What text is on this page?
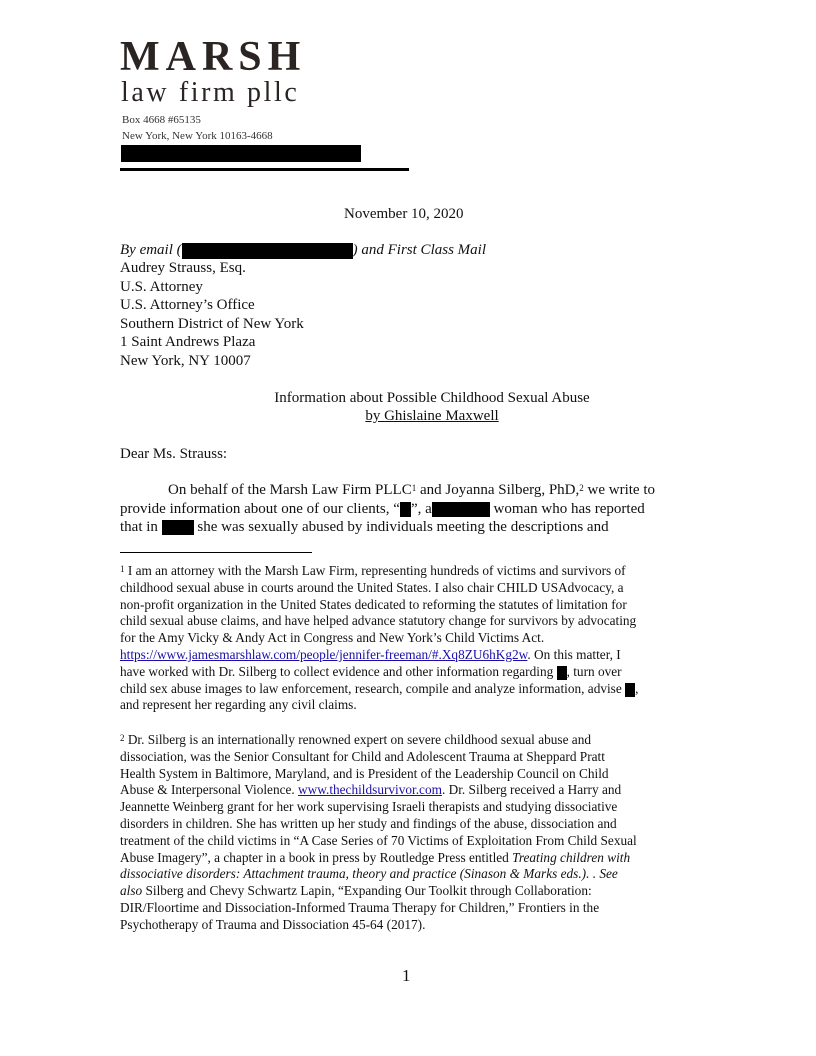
MARSH
law firm pllc
Box 4668 #65135
New York, New York 10163-4668
November 10, 2020
By email (	) and First Class Mail
Audrey Strauss, Esq.
U.S. Attorney
U.S. Attorney’s Office
Southern District of New York
1 Saint Andrews Plaza
New York, NY 10007
Information about Possible Childhood Sexual Abuse
by Ghislaine Maxwell
Dear Ms. Strauss:
On behalf of the Marsh Law Firm PLLC$^1$ and Joyanna Silberg, PhD,$^2$ we write to
provide information about one of our clients, “ ”, a	woman who has reported
that in  she was sexually abused by individuals meeting the descriptions and
$^1$ I am an attorney with the Marsh Law Firm, representing hundreds of victims and survivors of
childhood sexual abuse in courts around the United States. I also chair CHILD USAdvocacy, a
non-profit organization in the United States dedicated to reforming the statutes of limitation for
child sexual abuse claims, and have helped advance statutory change for survivors by advocating
for the Amy Vicky & Andy Act in Congress and New York’s Child Victims Act.
https://www.jamesmarshlaw.com/people/jennifer-freeman/#.Xq8ZU6hKg2w. On this matter, I
have worked with Dr. Silberg to collect evidence and other information regarding , turn over
child sex abuse images to law enforcement, research, compile and analyze information, advise ,
and represent her regarding any civil claims.
$^2$ Dr. Silberg is an internationally renowned expert on severe childhood sexual abuse and
dissociation, was the Senior Consultant for Child and Adolescent Trauma at Sheppard Pratt
Health System in Baltimore, Maryland, and is President of the Leadership Council on Child
Abuse & Interpersonal Violence. www.thechildsurvivor.com. Dr. Silberg received a Harry and
Jeannette Weinberg grant for her work supervising Israeli therapists and studying dissociative
disorders in children. She has written up her study and findings of the abuse, dissociation and
treatment of the child victims in “A Case Series of 70 Victims of Exploitation From Child Sexual
Abuse Imagery”, a chapter in a book in press by Routledge Press entitled Treating children with
dissociative disorders: Attachment trauma, theory and practice (Sinason & Marks eds.). . See
also Silberg and Chevy Schwartz Lapin, “Expanding Our Toolkit through Collaboration:
DIR/Floortime and Dissociation-Informed Trauma Therapy for Children,” Frontiers in the
Psychotherapy of Trauma and Dissociation 45-64 (2017).
1
